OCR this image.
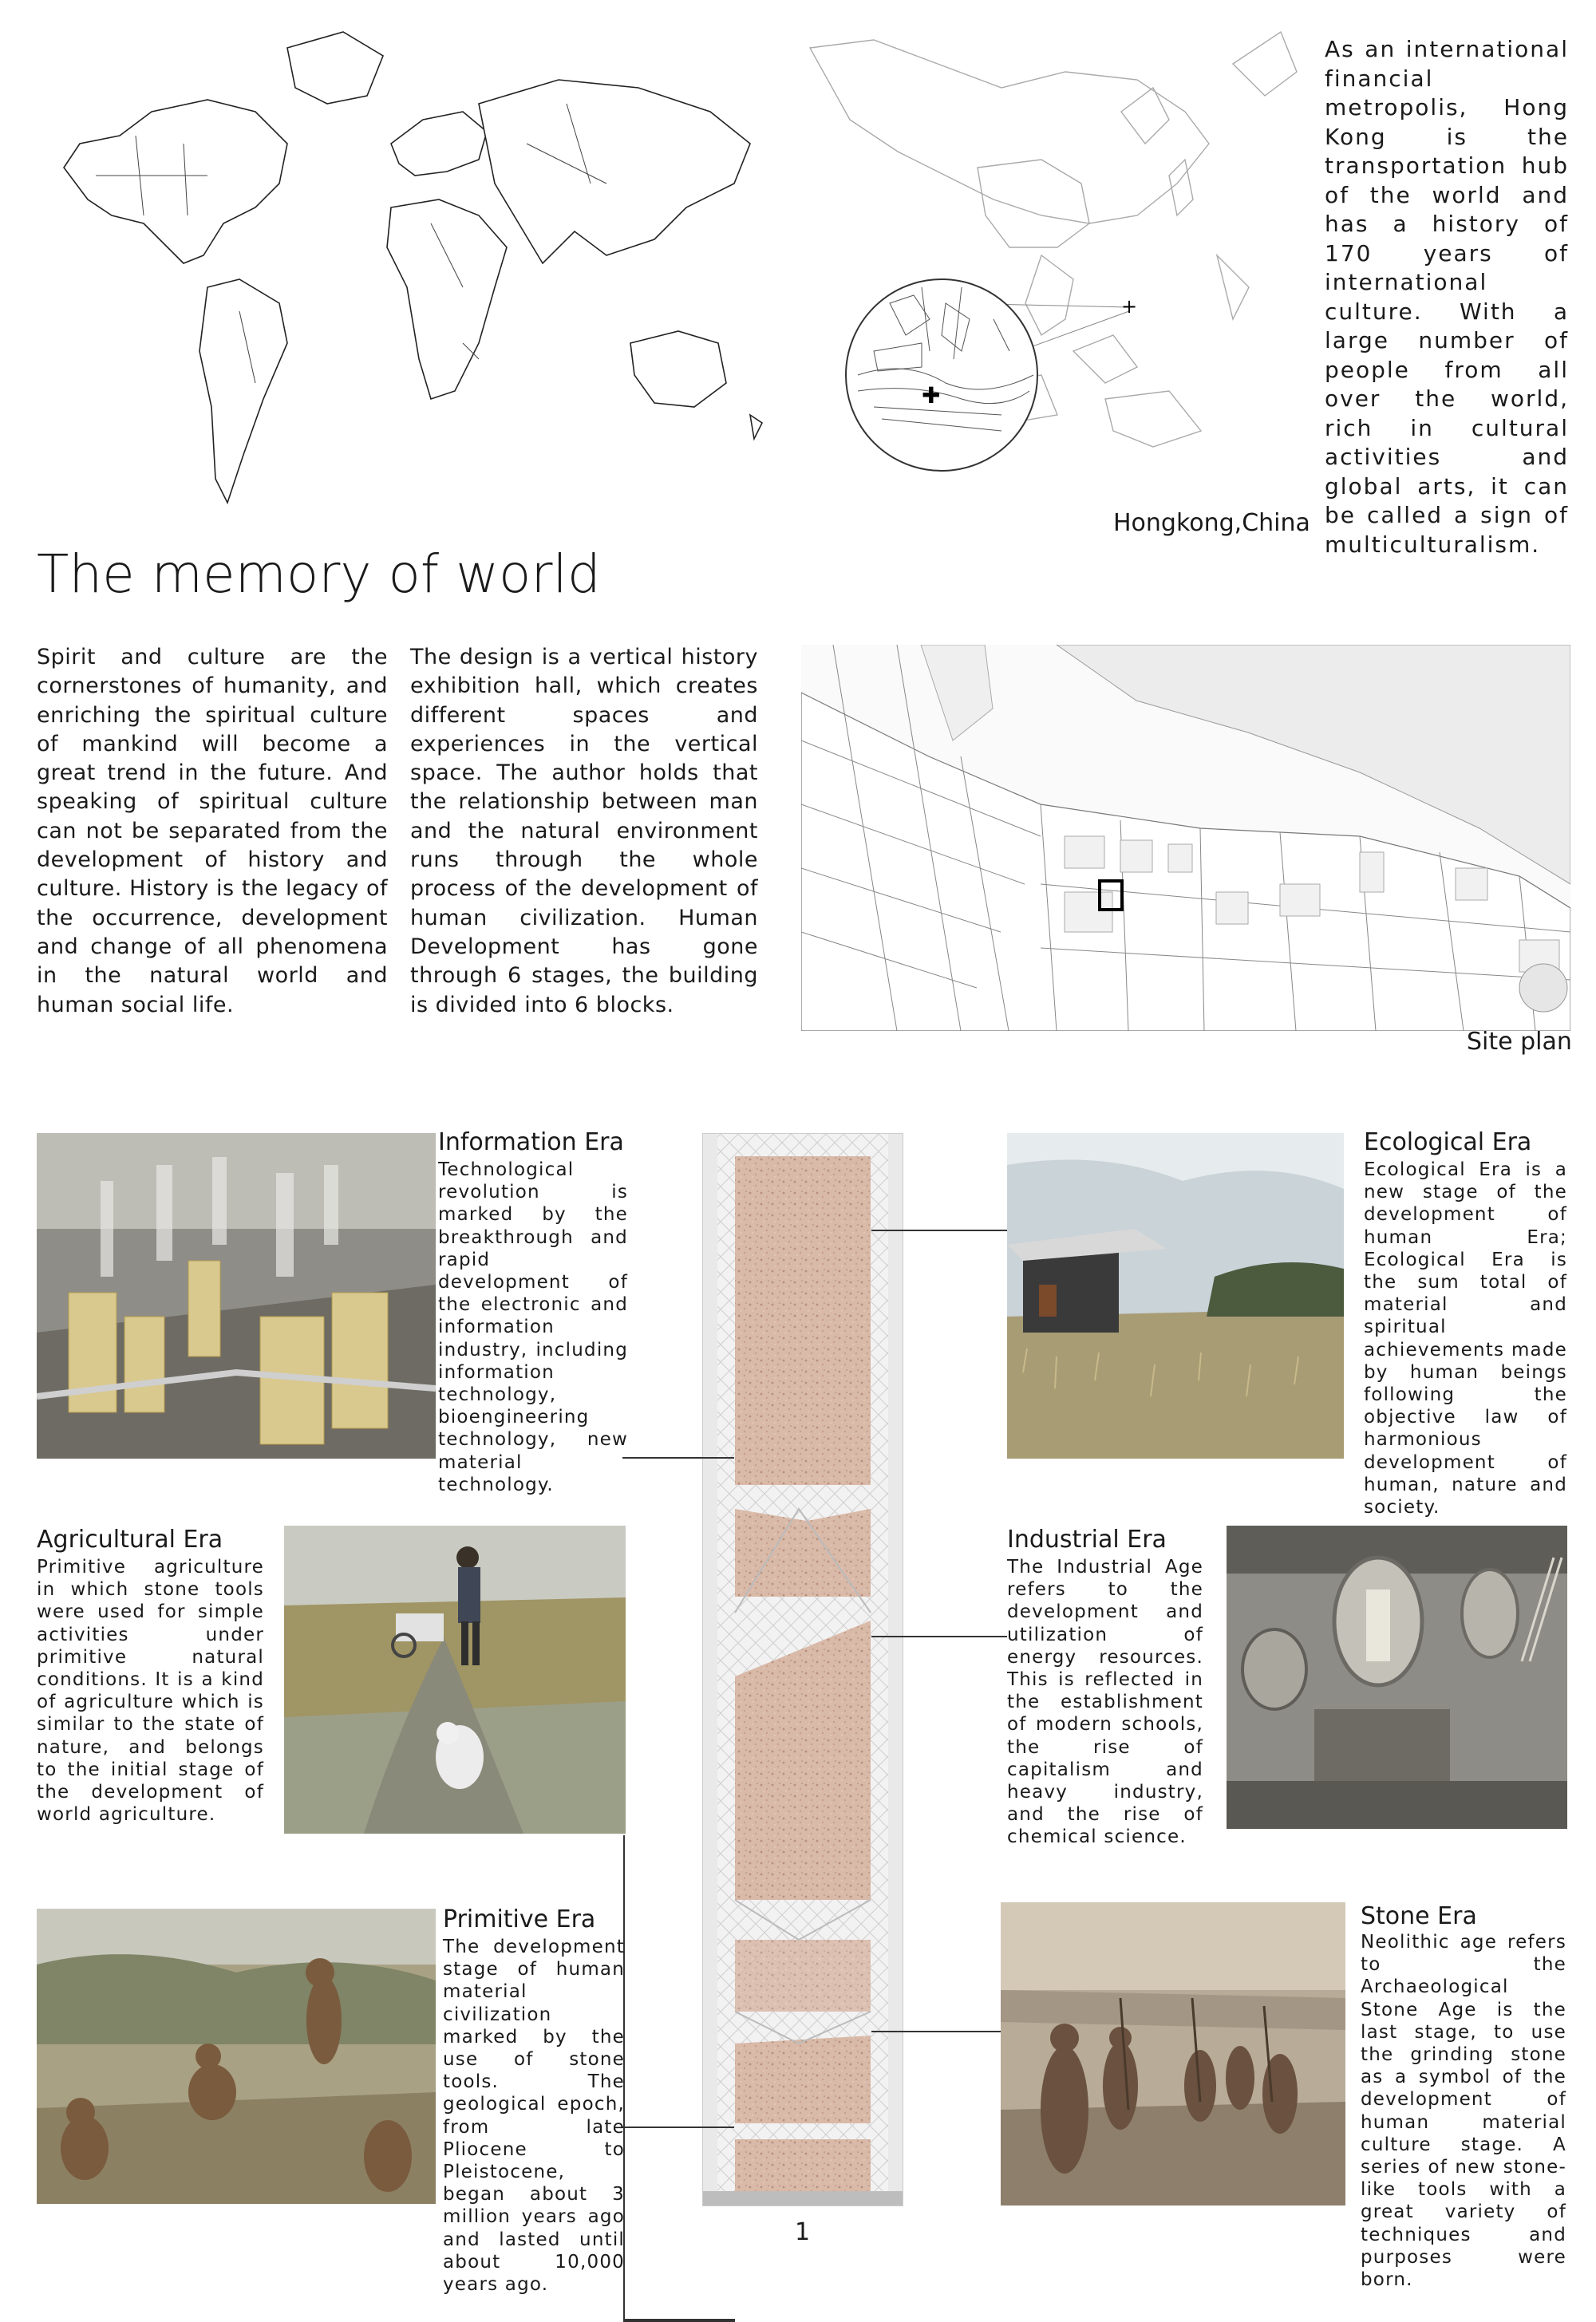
✚
+
As an international financial metropolis, Hong Kong is the transportation hub of the world and has a history of 170 years of international culture. With a large number of people from all over the world, rich in cultural activities and global arts, it can be called a sign of multiculturalism.
Hongkong,China
The memory of world
Spirit and culture are the cornerstones of humanity, and enriching the spiritual culture of mankind will become a great trend in the future. And speaking of spiritual culture can not be separated from the development of history and culture. History is the legacy of the occurrence, development and change of all phenomena in the natural world and human social life.
The design is a vertical history exhibition hall, which creates different spaces and experiences in the vertical space. The author holds that the relationship between man and the natural environment runs through the whole process of the development of human civilization. Human Development has gone through 6 stages, the building is divided into 6 blocks.
Site plan
1
Information Era
Technological revolution is marked by the breakthrough and rapid development of the electronic and information industry, including information technology, bioengineering technology, new material technology.
Ecological Era
Ecological Era is a new stage of the development of human Era; Ecological Era is the sum total of material and spiritual achievements made by human beings following the objective law of harmonious development of human, nature and society.
Agricultural Era
Primitive agriculture in which stone tools were used for simple activities under primitive natural conditions. It is a kind of agriculture which is similar to the state of nature, and belongs to the initial stage of the development of world agriculture.
Industrial Era
The Industrial Age refers to the development and utilization of energy resources. This is reflected in the establishment of modern schools, the rise of capitalism and heavy industry, and the rise of chemical science.
Primitive Era
The development stage of human material civilization marked by the use of stone tools. The geological epoch, from late Pliocene to Pleistocene, began about 3 million years ago and lasted until about 10,000 years ago.
Stone Era
Neolithic age refers to the Archaeological Stone Age is the last stage, to use the grinding stone as a symbol of the development of human material culture stage. A series of new stone-like tools with a great variety of techniques and purposes were born.
